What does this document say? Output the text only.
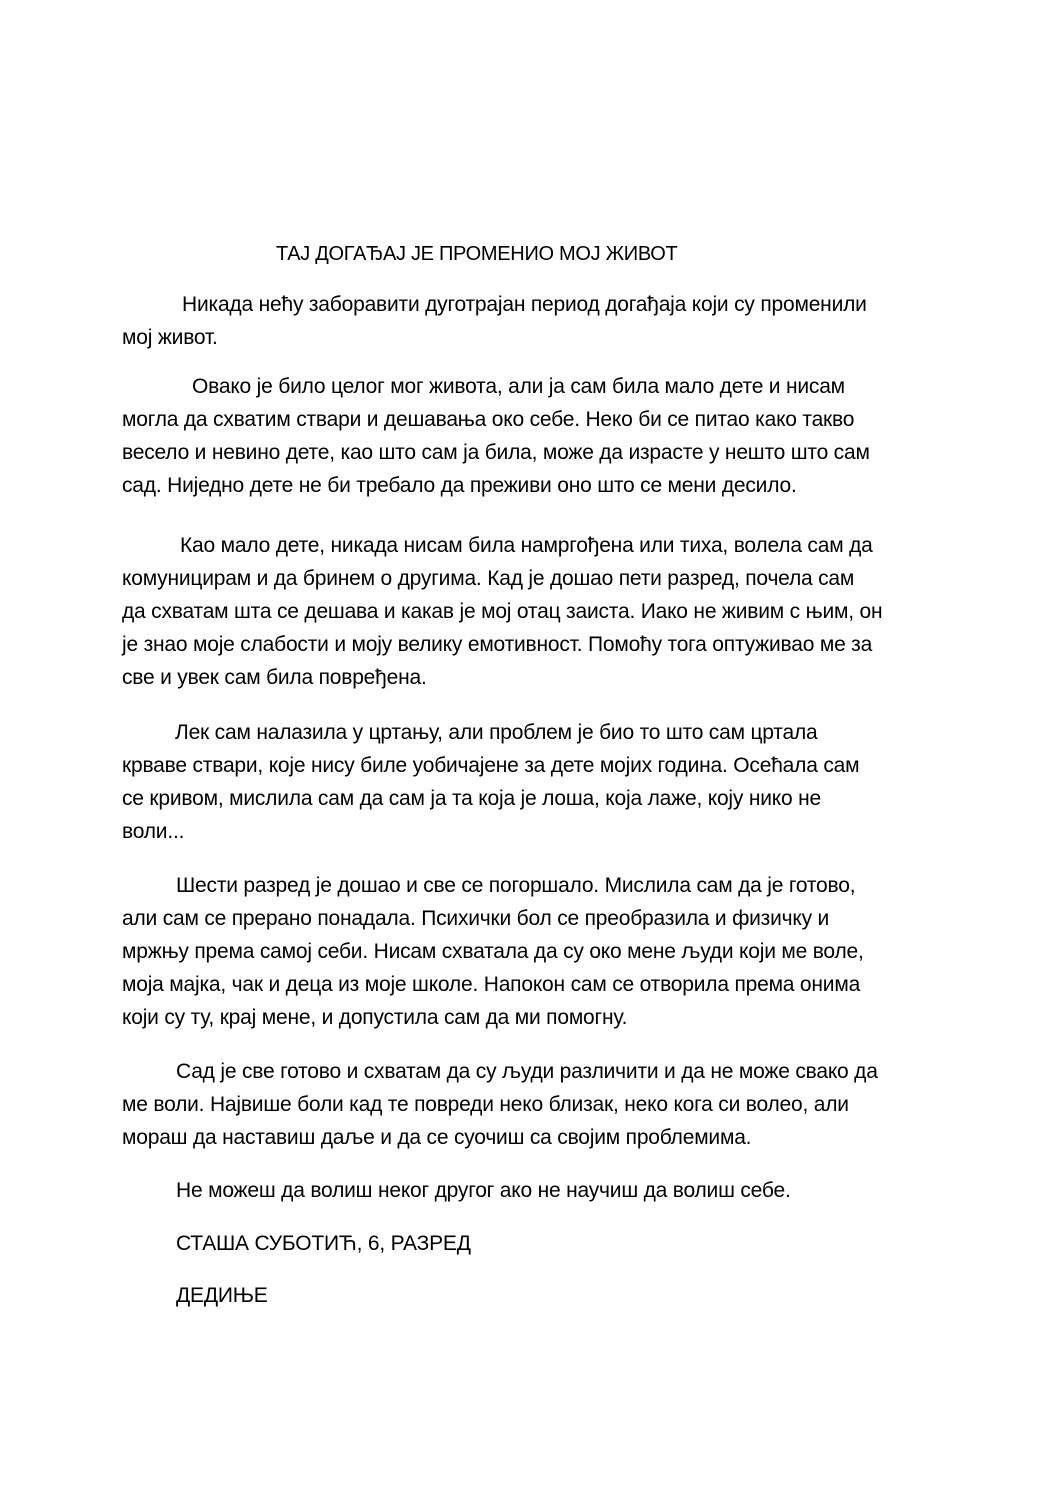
ТАЈ ДОГАЂАЈ ЈЕ ПРОМЕНИО МОЈ ЖИВОТ

Никада нећу заборавити дуготрајан период догађаја који су променили
мој живот.

Овако је било целог мог живота, али ја сам била мало дете и нисам
могла да схватим ствари и дешавања око себе. Неко би се питао како такво
весело и невино дете, као што сам ја била, може да израсте у нешто што сам
сад. Ниједно дете не би требало да преживи оно што се мени десило.

Као мало дете, никада нисам била намргођена или тиха, волела сам да
комуницирам и да бринем о другима. Кад је дошао пети разред, почела сам
да схватам шта се дешава и какав је мој отац заиста. Иако не живим с њим, он
је знао моје слабости и моју велику емотивност. Помоћу тога оптуживао ме за
све и увек сам била повређена.

Лек сам налазила у цртању, али проблем је био то што сам цртала
крваве ствари, које нису биле уобичајене за дете мојих година. Осећала сам
се кривом, мислила сам да сам ја та која је лоша, која лаже, коју нико не
воли...

Шести разред је дошао и све се погоршало. Мислила сам да је готово,
али сам се прерано понадала. Психички бол се преобразила и физичку и
мржњу према самој себи. Нисам схватала да су око мене људи који ме воле,
моја мајка, чак и деца из моје школе. Напокон сам се отворила према онима
који су ту, крај мене, и допустила сам да ми помогну.

Сад је све готово и схватам да су људи различити и да не може свако да
ме воли. Највише боли кад те повреди неко близак, неко кога си волео, али
мораш да наставиш даље и да се суочиш са својим проблемима.

Не можеш да волиш неког другог ако не научиш да волиш себе.

СТАША СУБОТИЋ, 6, РАЗРЕД

ДЕДИЊЕ
